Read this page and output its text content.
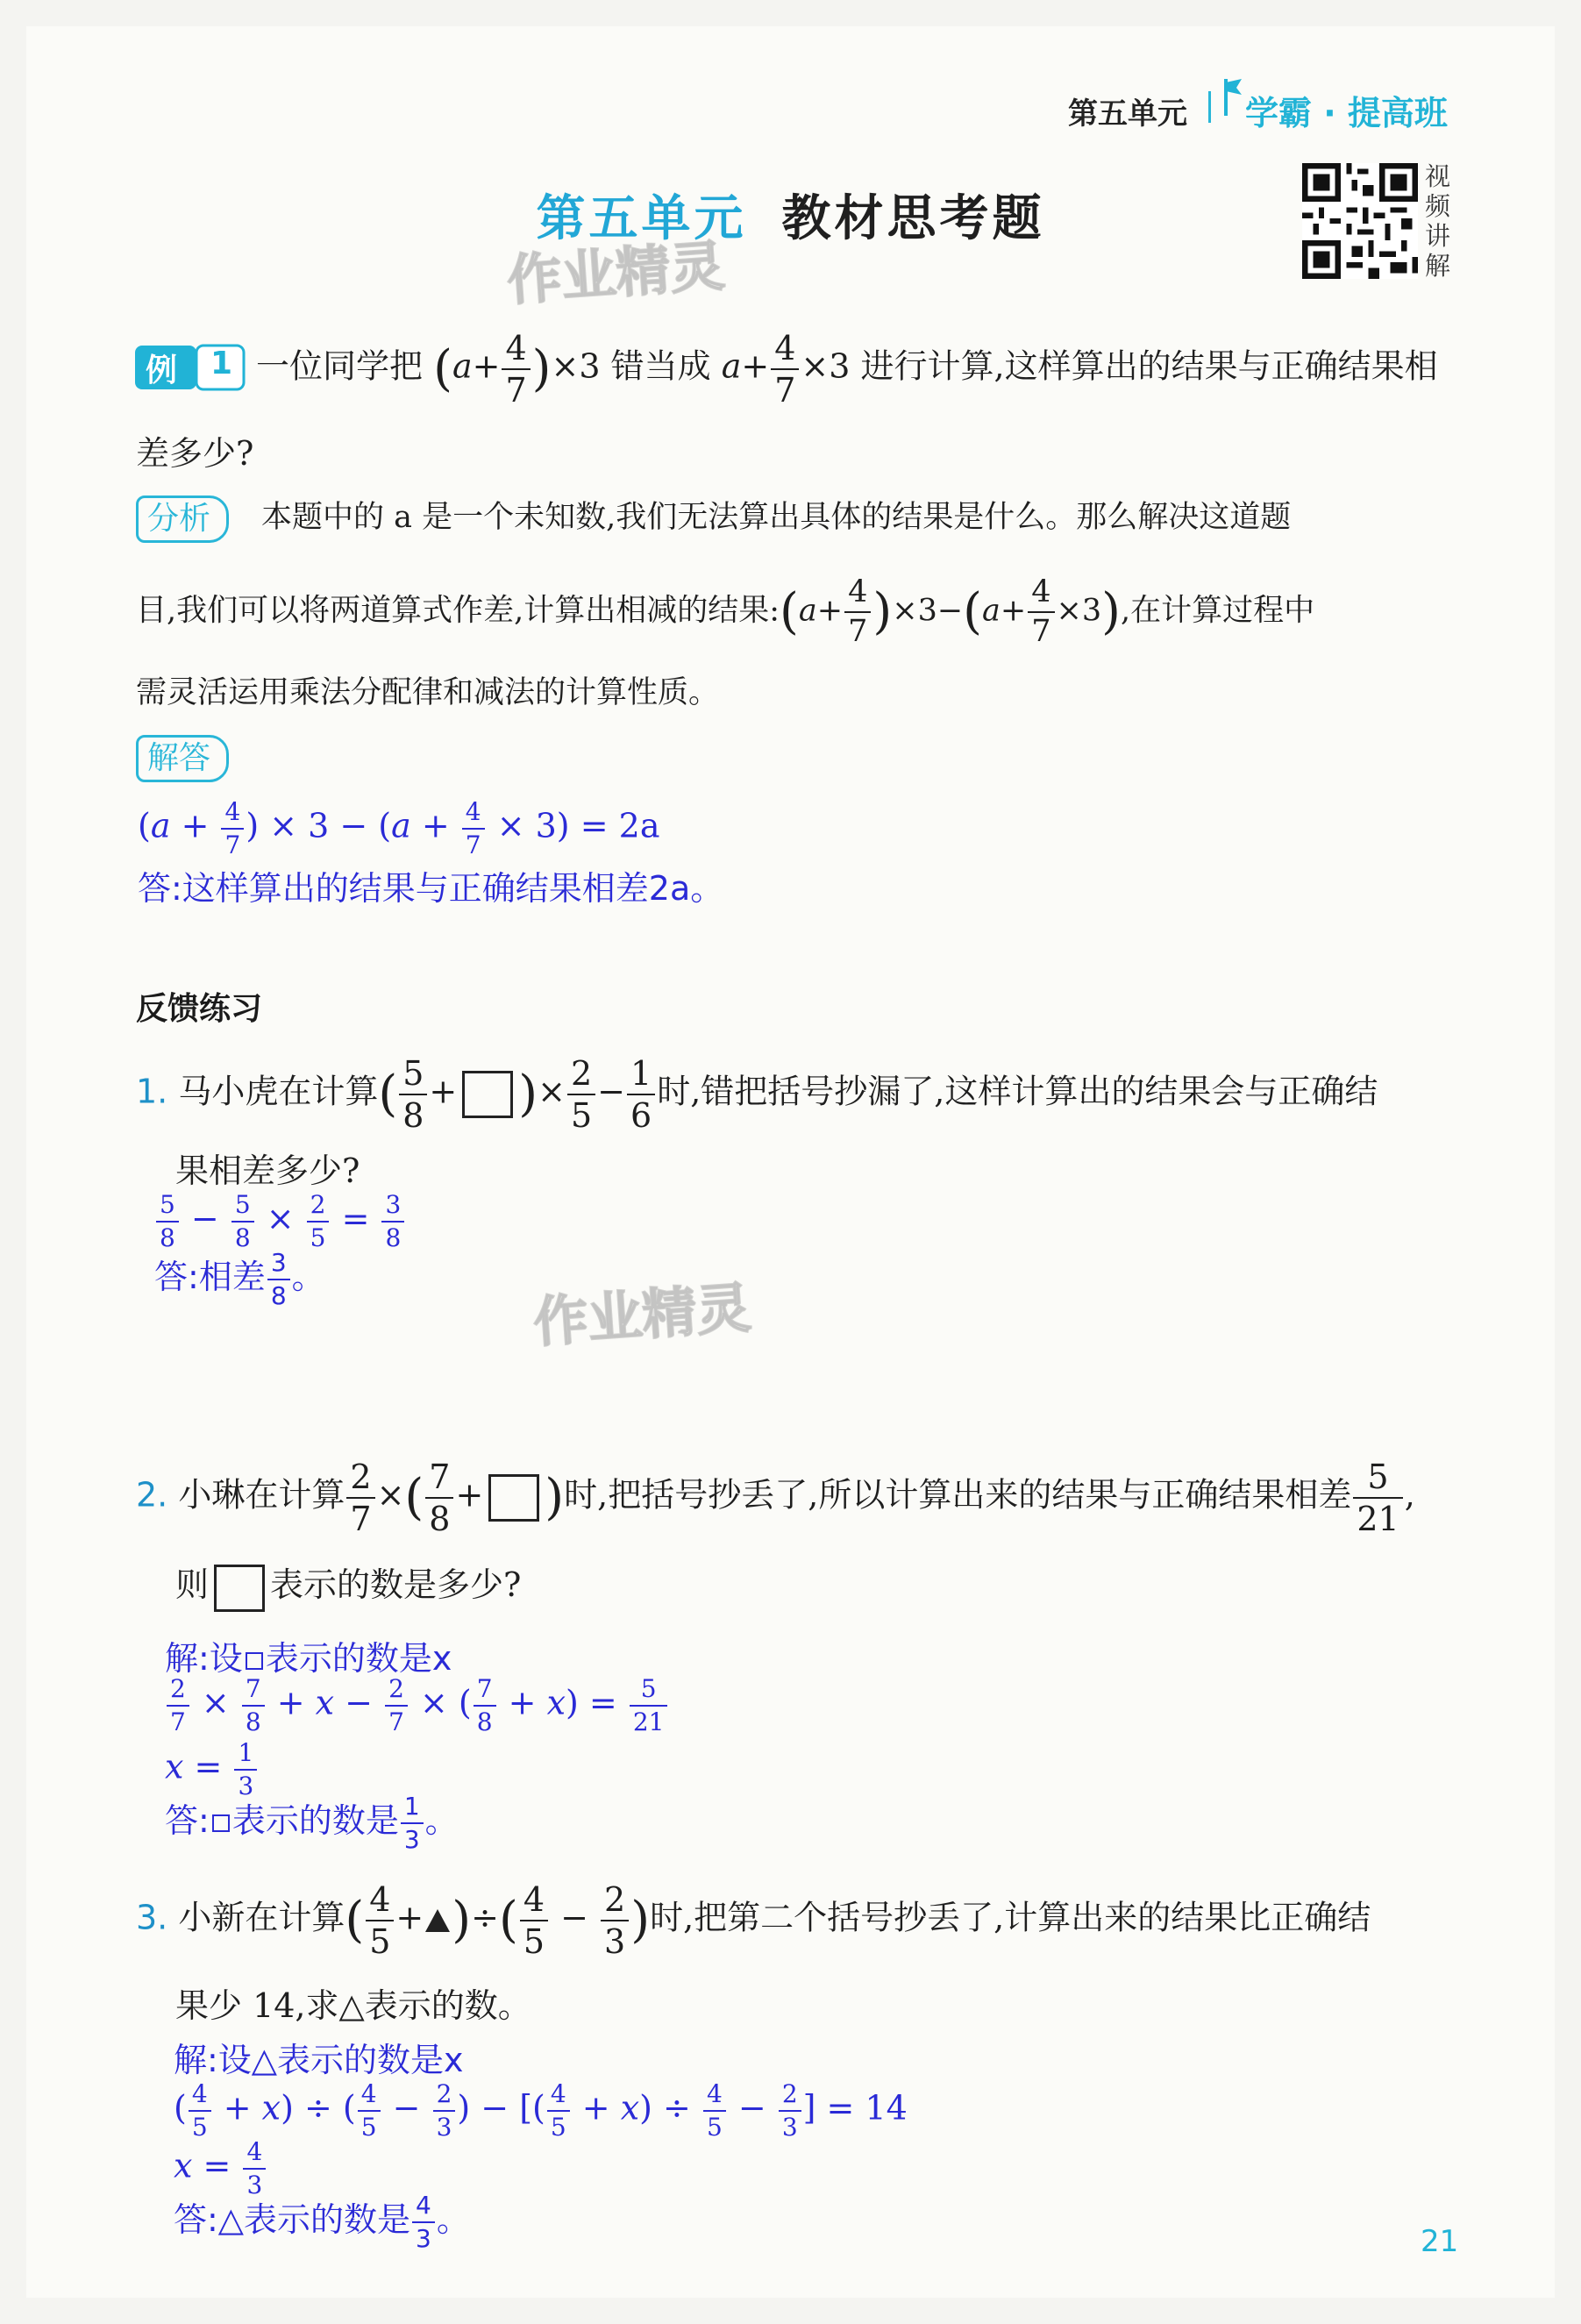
第五单元 学霸 · 提高班
第五单元 教材思考题
作业精灵
作业精灵
视
频
讲
解
例 1 一位同学把 $(a+ \frac{4}{7} )\times 3$ 错当成 $a+ \frac{4}{7} \times 3$ 进行计算,这样算出的结果与正确结果相
差多少?
分析	本题中的 a 是一个未知数,我们无法算出具体的结果是什么。那么解决这道题
目,我们可以将两道算式作差,计算出相减的结果:(a+ $\frac{4}{7} )\times 3-(a+ \frac{4}{7} \times 3)$,在计算过程中
需灵活运用乘法分配律和减法的计算性质。
解答
($a + \frac{4}{7}$ ) × $3 - (a + \frac{4}{7} \times 3) = 2a$
答:这样算出的结果与正确结果相差2a。
反馈练习
1. 马小虎在计算( $\frac{5}{8}$ + )× $\frac{2}{5} - \frac{1}{6}$ 时,错把括号抄漏了,这样计算出的结果会与正确结
果相差多少?
$\frac{5}{8} - \frac{5}{8} \times \frac{2}{5} = \frac{3}{8}$
答:相差 $\frac{3}{8}$ 。
2. 小琳在计算 $\frac{2}{7}$ ×( $\frac{7}{8}$ + )时,把括号抄丢了,所以计算出来的结果与正确结果相差 $\frac{5}{21}$ ,
则 表示的数是多少?
解:设 表示的数是x
$\frac{2}{7} \times \frac{7}{8} + x - \frac{2}{7}$ × ( $\frac{7}{8} + x) = \frac{5}{21}$
$x = \frac{1}{3}$
答: 表示的数是 $\frac{1}{3}$ 。
3. 小新在计算( $\frac{4}{5}$ + )÷( $\frac{4}{5} - \frac{2}{3}$ )时,把第二个括号抄丢了,计算出来的结果比正确结
果少 14,求△表示的数。
解:设△表示的数是x
( $\frac{4}{5} + x$) ÷ ( $\frac{4}{5} - \frac{2}{3}$ ) − [( $\frac{4}{5} + x) \div \frac{4}{5} - \frac{2}{3}$ ] = 14
$x = \frac{4}{3}$
答:△表示的数是 $\frac{4}{3}$ 。
21
